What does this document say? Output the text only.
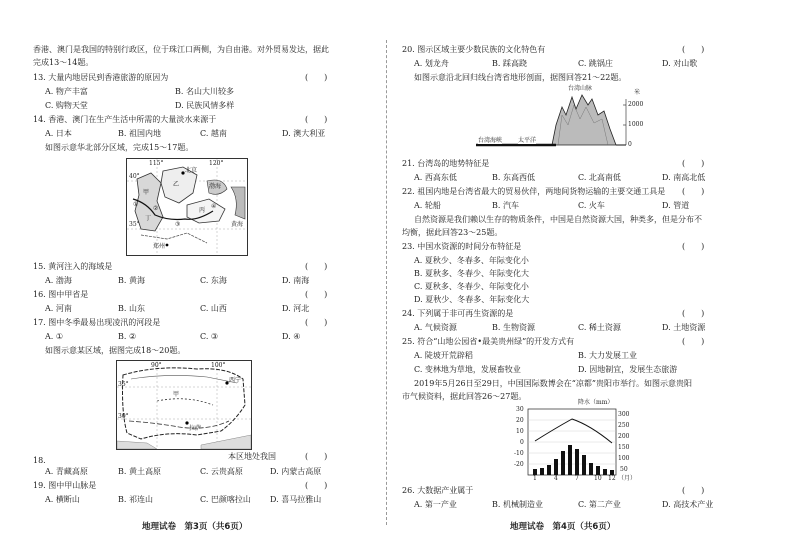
香港、澳门是我国的特别行政区，位于珠江口两侧，为自由港。对外贸易发达，据此
完成13～14题。
13. 大量内地居民到香港旅游的原因为	(　　)
A. 物产丰富	B. 名山大川较多
C. 购物天堂	D. 民族风情多样
14. 香港、澳门在生产生活中所需的大量淡水来源于	(　　)
A. 日本	B. 祖国内地	C. 越南	D. 澳大利亚
如图示意华北部分区域，完成15～17题。
115°	120°
40°
35°
北京
渤海
黄海
郑州
甲
乙
丙
丁
①
②
③
④
15. 黄河注入的海域是	(　　)
A. 渤海	B. 黄海	C. 东海	D. 南海
16. 图中甲省是	(　　)
A. 河南	B. 山东	C. 山西	D. 河北
17. 图中冬季最易出现凌汛的河段是	(　　)
A. ①	B. ②	C. ③	D. ④
如图示意某区域，据图完成18～20题。
90°	100°
35°
30°
西宁
拉萨
甲
18.	本区地处我国	(　　)
A. 青藏高原	B. 黄土高原	C. 云贵高原	D. 内蒙古高原
19. 图中甲山脉是	(　　)
A. 横断山	B. 祁连山	C. 巴颜喀拉山 D. 喜马拉雅山
地理试卷　第3页（共6页）
20. 图示区域主要少数民族的文化特色有	(　　)
A. 划龙舟	B. 踩高跷	C. 跳锅庄	D. 对山歌
如图示意沿北回归线台湾省地形剖面，据图回答21～22题。
台湾山脉
台湾海峡	太平洋
2000
1000
0
米
21. 台湾岛的地势特征是	(　　)
A. 西高东低	B. 东高西低	C. 北高南低	D. 南高北低
22. 祖国内地是台湾省最大的贸易伙伴，两地间货物运输的主要交通工具是 (　　)
A. 轮船	B. 汽车	C. 火车	D. 管道
自然资源是我们赖以生存的物质条件，中国是自然资源大国，种类多，但是分布不
均衡，据此回答23～25题。
23. 中国水资源的时间分布特征是	(　　)
A. 夏秋少、冬春多、年际变化小
B. 夏秋多、冬春少、年际变化大
C. 夏秋多、冬春少、年际变化小
D. 夏秋少、冬春多、年际变化大
24. 下列属于非可再生资源的是	(　　)
A. 气候资源	B. 生物资源	C. 稀土资源	D. 土地资源
25. 符合“山地公园省•最美贵州绿”的开发方式有	(　　)
A. 陡坡开荒辟稻	B. 大力发展工业
C. 变林地为草地，发展畜牧业	D. 因地制宜，发展生态旅游
2019年5月26日至29日，中国国际数博会在“凉都”贵阳市举行。如图示意贵阳
市气候资料，据此回答26～27题。
降水（mm）
30
20
10
0
-10
-20
300
250
200
150
100
50
1	4	7	10 12 （月）
26. 大数据产业属于	(　　)
A. 第一产业	B. 机械制造业	C. 第二产业	D. 高技术产业
地理试卷　第4页（共6页）
